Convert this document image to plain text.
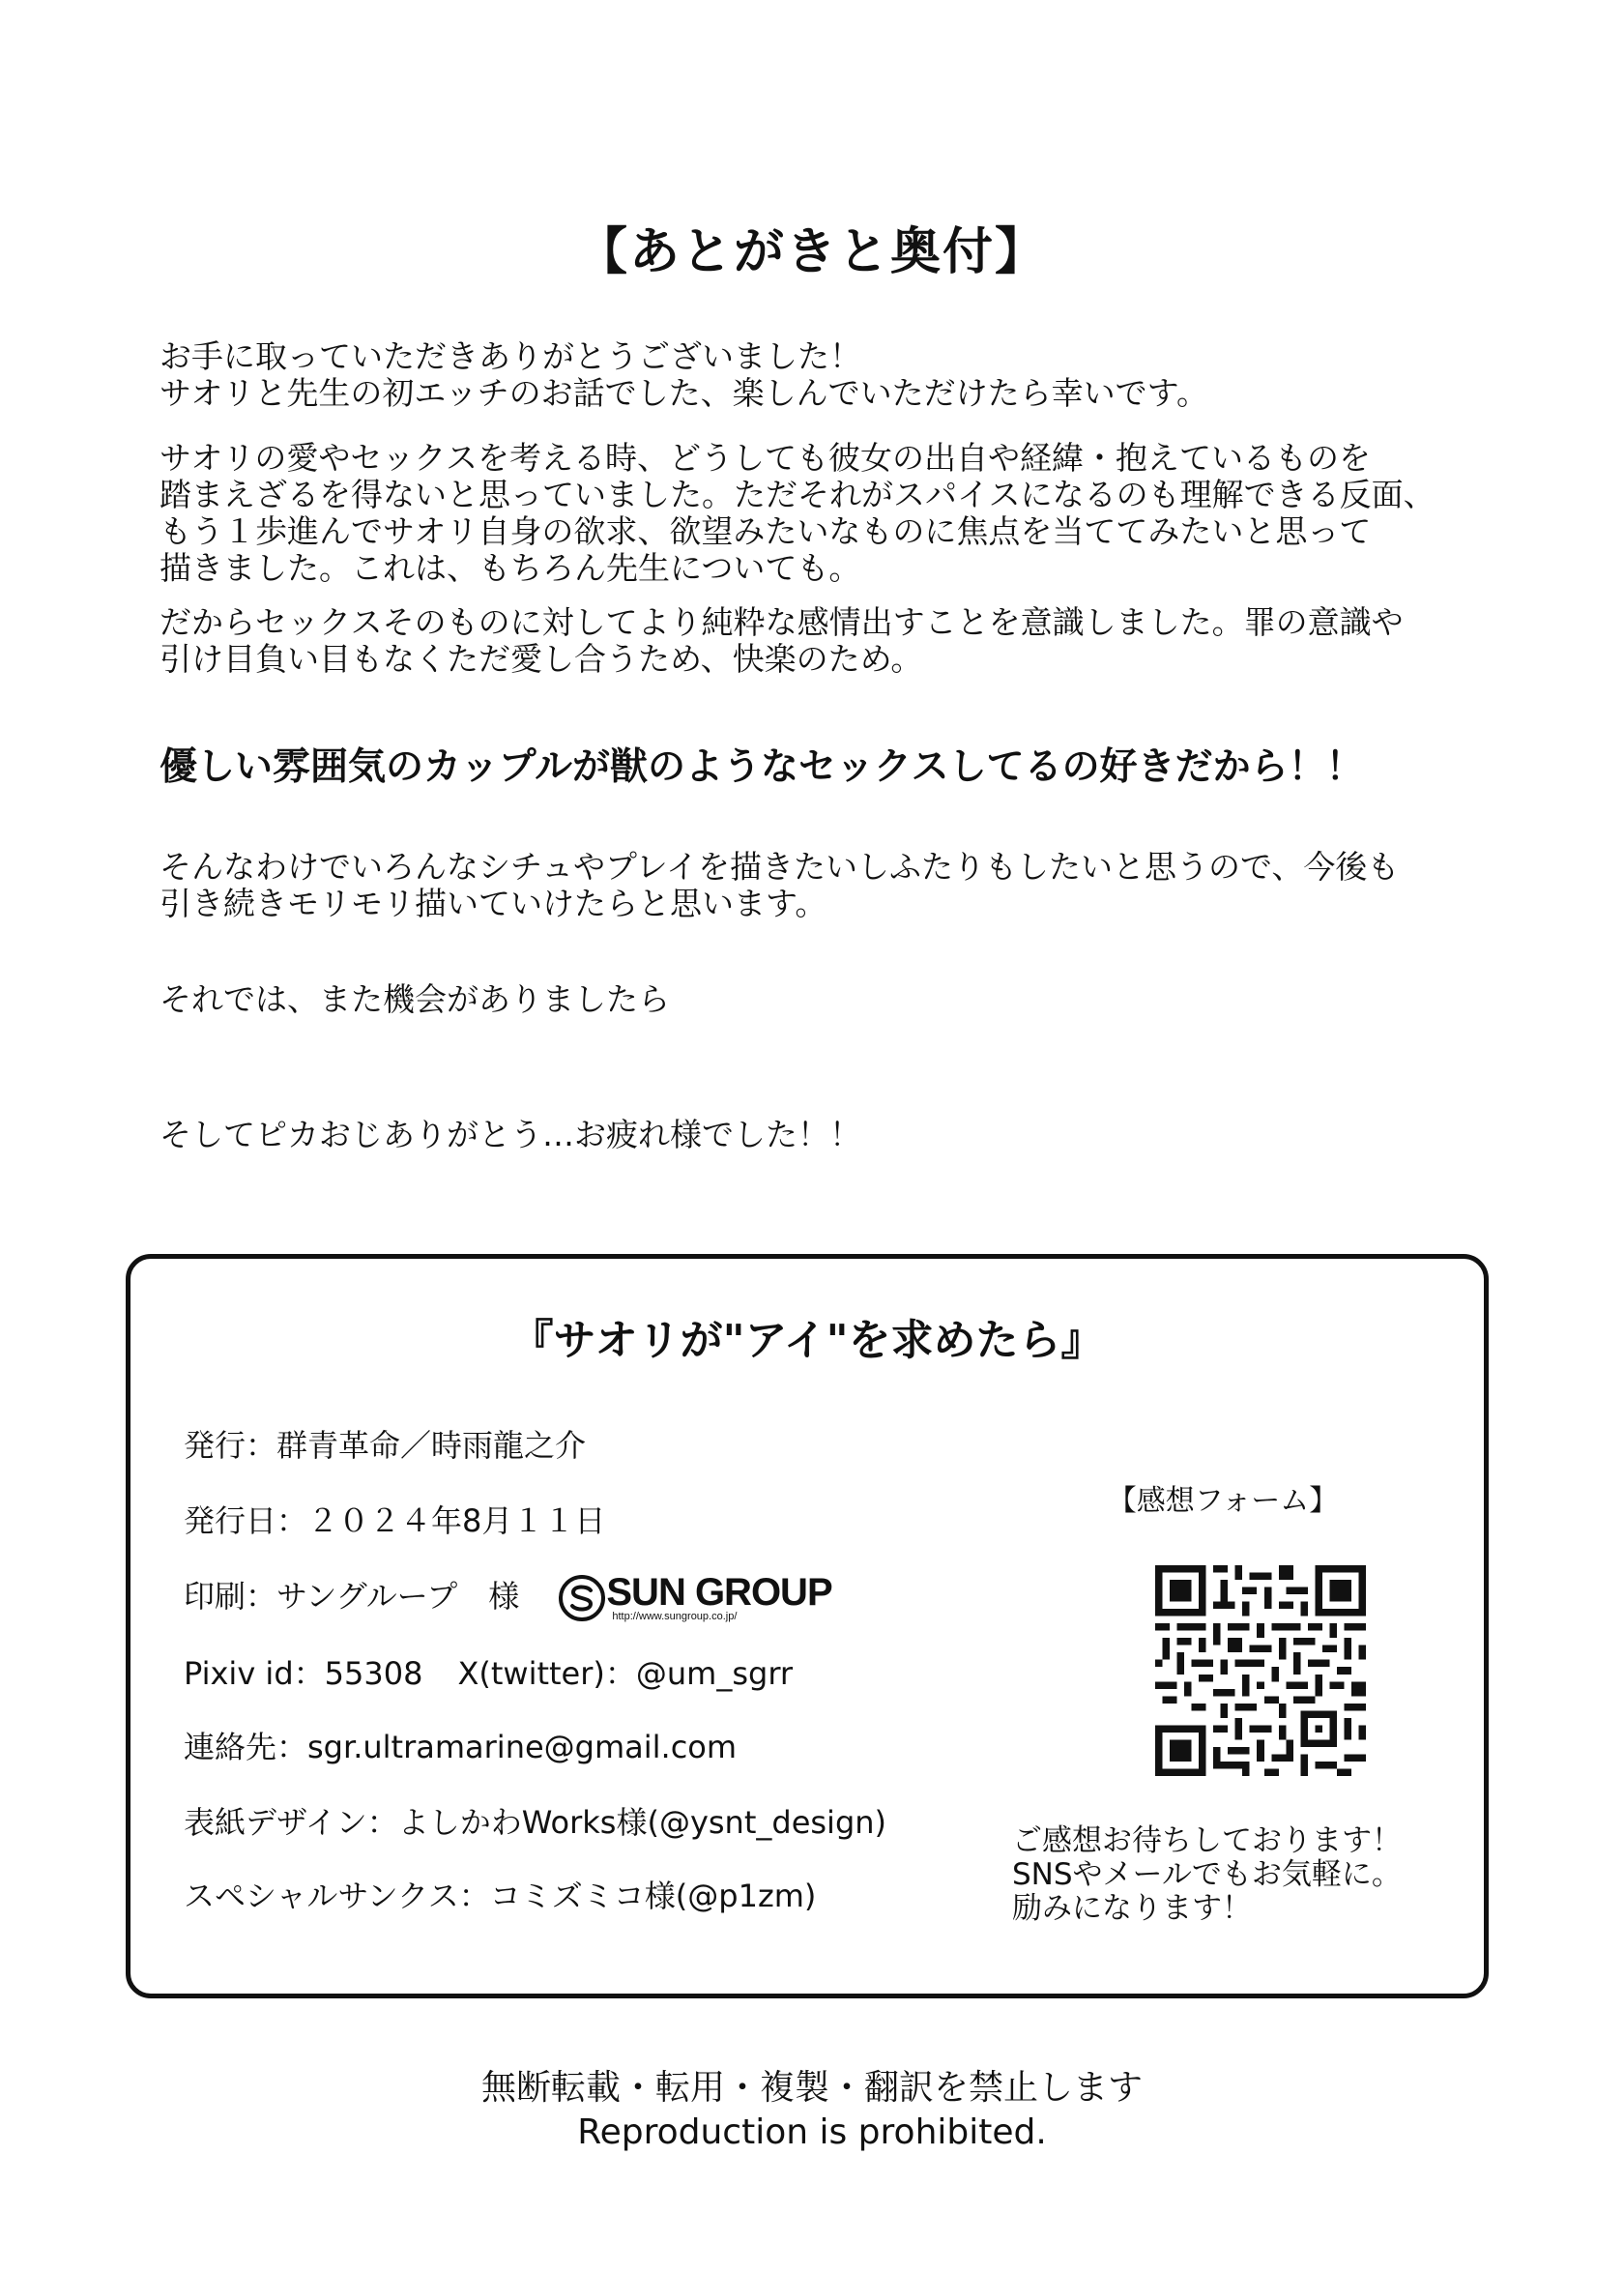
【あとがきと奥付】
お手に取っていただきありがとうございました！
サオリと先生の初エッチのお話でした、楽しんでいただけたら幸いです。
サオリの愛やセックスを考える時、どうしても彼女の出自や経緯・抱えているものを
踏まえざるを得ないと思っていました。ただそれがスパイスになるのも理解できる反面、
もう１歩進んでサオリ自身の欲求、欲望みたいなものに焦点を当ててみたいと思って
描きました。これは、もちろん先生についても。
だからセックスそのものに対してより純粋な感情出すことを意識しました。罪の意識や
引け目負い目もなくただ愛し合うため、快楽のため。
優しい雰囲気のカップルが獣のようなセックスしてるの好きだから！！
そんなわけでいろんなシチュやプレイを描きたいしふたりもしたいと思うので、今後も
引き続きモリモリ描いていけたらと思います。
それでは、また機会がありましたら
そしてピカおじありがとう…お疲れ様でした！！
『サオリが"アイ"を求めたら』
発行：群青革命／時雨龍之介
発行日：２０２４年8月１１日
印刷：サングループ　様 SUN GROUP
http://www.sungroup.co.jp/
Pixiv id：55308 X(twitter)：@um_sgrr
連絡先：sgr.ultramarine@gmail.com
表紙デザイン：よしかわWorks様(@ysnt_design)
スペシャルサンクス：コミズミコ様(@p1zm)
【感想フォーム】
ご感想お待ちしております！
SNSやメールでもお気軽に。
励みになります！
無断転載・転用・複製・翻訳を禁止します
Reproduction is prohibited.
